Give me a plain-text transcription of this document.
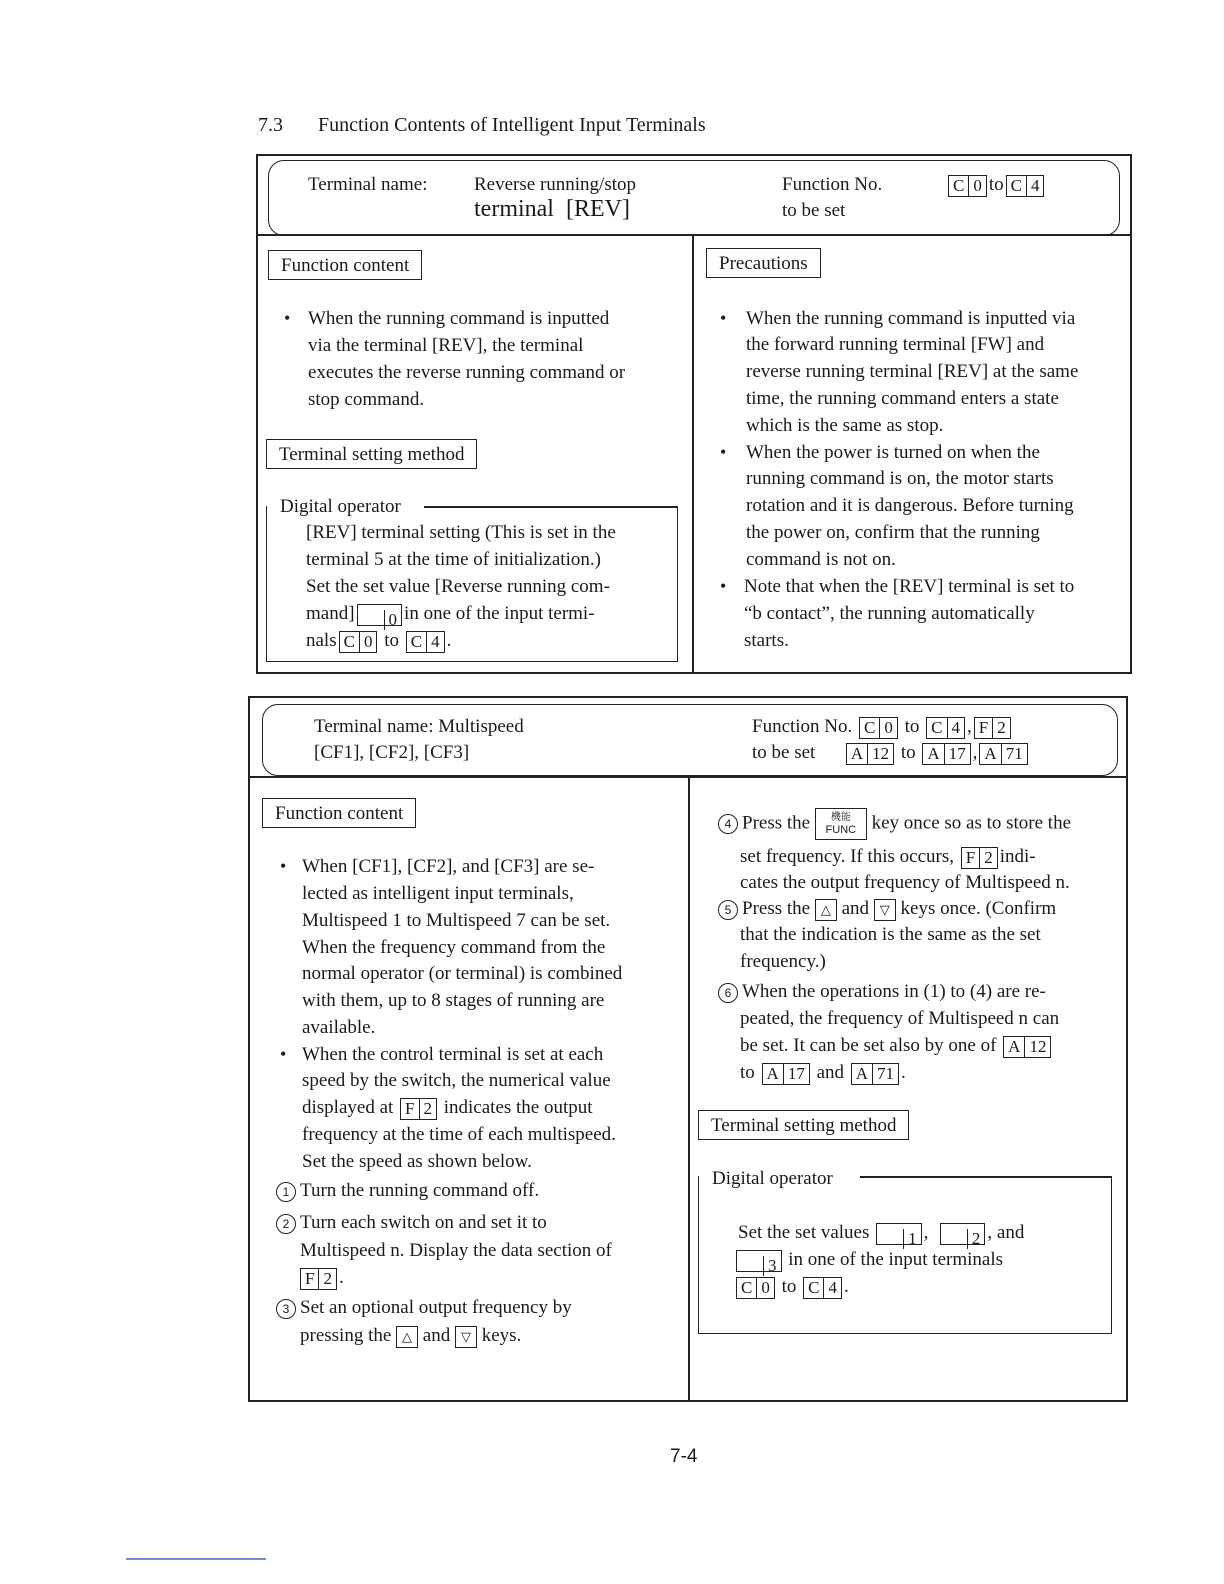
7.3 Function Contents of Intelligent Input Terminals
Terminal name: Reverse running/stop
terminal  [REV]
Function No.
to be set
C 0 to C 4
Function content
• When the running command is inputted
via the terminal [REV], the terminal
executes the reverse running command or
stop command.
Terminal setting method
Digital operator
[REV] terminal setting (This is set in the
terminal 5 at the time of initialization.)
Set the set value [Reverse running com-
mand] 0 in one of the input termi-
nals C 0 to C 4 .
Precautions
• When the running command is inputted via
the forward running terminal [FW] and
reverse running terminal [REV] at the same
time, the running command enters a state
which is the same as stop.
• When the power is turned on when the
running command is on, the motor starts
rotation and it is dangerous. Before turning
the power on, confirm that the running
command is not on.
• Note that when the [REV] terminal is set to
“b contact”, the running automatically
starts.
Terminal name: Multispeed
[CF1], [CF2], [CF3]
Function No. C 0 to C 4 , F 2
to be set A 12 to A 17 , A 71
Function content
• When [CF1], [CF2], and [CF3] are se-
lected as intelligent input terminals,
Multispeed 1 to Multispeed 7 can be set.
When the frequency command from the
normal operator (or terminal) is combined
with them, up to 8 stages of running are
available.
• When the control terminal is set at each
speed by the switch, the numerical value
displayed at F 2 indicates the output
frequency at the time of each multispeed.
Set the speed as shown below.
1 Turn the running command off.
2 Turn each switch on and set it to
Multispeed n. Display the data section of
F 2 .
3 Set an optional output frequency by
pressing the △ and ▽ keys.
4 Press the	機能
FUNC key once so as to store the
set frequency. If this occurs, F 2 indi-
cates the output frequency of Multispeed n.
5 Press the △ and ▽ keys once. (Confirm
that the indication is the same as the set
frequency.)
6 When the operations in (1) to (4) are re-
peated, the frequency of Multispeed n can
be set. It can be set also by one of A 12
to A 17 and A 71 .
Terminal setting method
Digital operator
Set the set values 1 ,	2 , and
3 in one of the input terminals
C 0 to C 4 .
7-4
